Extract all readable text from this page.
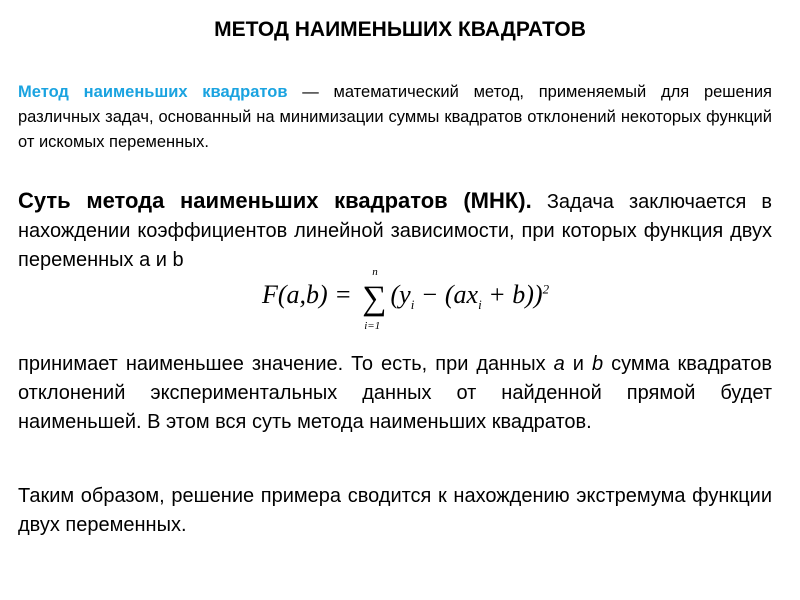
МЕТОД НАИМЕНЬШИХ КВАДРАТОВ
Метод наименьших квадратов — математический метод, применяемый для решения различных задач, основанный на минимизации суммы квадратов отклонений некоторых функций от искомых переменных.
Суть метода наименьших квадратов (МНК). Задача заключается в нахождении коэффициентов линейной зависимости, при которых функция двух переменных a и b
F(a,b) =
n
∑
i=1
$(y_i - (ax_i + b))^2$
принимает наименьшее значение. То есть, при данных a и b сумма квадратов отклонений экспериментальных данных от найденной прямой будет наименьшей. В этом вся суть метода наименьших квадратов.
Таким образом, решение примера сводится к нахождению экстремума функции двух переменных.
